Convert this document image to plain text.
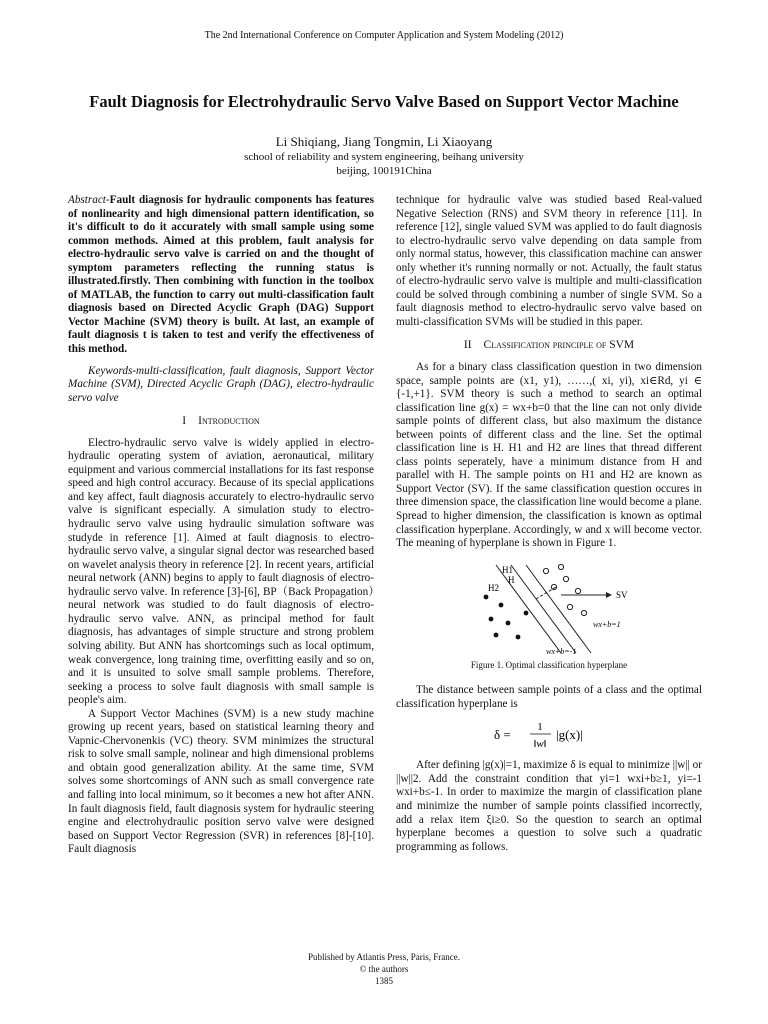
The 2nd International Conference on Computer Application and System Modeling (2012)
Fault Diagnosis for Electrohydraulic Servo Valve Based on Support Vector Machine
Li Shiqiang, Jiang Tongmin, Li Xiaoyang
school of reliability and system engineering, beihang university
beijing, 100191China

Abstract-Fault diagnosis for hydraulic components has features of nonlinearity and high dimensional pattern identification, so it's difficult to do it accurately with small sample using some common methods. Aimed at this problem, fault analysis for electro-hydraulic servo valve is carried on and the thought of symptom parameters reflecting the running status is illustrated.firstly. Then combining with function in the toolbox of MATLAB, the function to carry out multi-classification fault diagnosis based on Directed Acyclic Graph (DAG) Support Vector Machine (SVM) theory is built. At last, an example of fault diagnosis t is taken to test and verify the effectiveness of this method.

Keywords-multi-classification, fault diagnosis, Support Vector Machine (SVM), Directed Acyclic Graph (DAG), electro-hydraulic servo valve

I Introduction

Electro-hydraulic servo valve is widely applied in electro-hydraulic operating system of aviation, aeronautical, military equipment and various commercial installations for its fast response speed and high control accuracy. Because of its special applications and key affect, fault diagnosis accurately to electro-hydraulic servo valve is significant especially. A simulation study to electro-hydraulic servo valve using hydraulic simulation software was studyde in reference [1]. Aimed at fault diagnosis to electro-hydraulic servo valve, a singular signal dector was researched based on wavelet analysis theory in reference [2]. In recent years, artificial neural network (ANN) begins to apply to fault diagnosis of electro-hydraulic servo valve. In reference [3]-[6], BP（Back Propagation）neural network was studied to do fault diagnosis of electro-hydraulic servo valve. ANN, as principal method for fault diagnosis, has advantages of simple structure and strong problem solving ability. But ANN has shortcomings such as local optimum, weak convergence, long training time, overfitting easily and so on, and it is unsuited to solve small sample problems. Therefore, seeking a process to solve fault diagnosis with small sample is people's aim.

A Support Vector Machines (SVM) is a new study machine growing up recent years, based on statistical learning theory and Vapnic-Chervonenkis (VC) theory. SVM minimizes the structural risk to solve small sample, nolinear and high dimensional problems and obtain good generalization ability. At the same time, SVM solves some shortcomings of ANN such as small convergence rate and falling into local minimum, so it becomes a new hot after ANN. In fault diagnosis field, fault diagnosis system for hydraulic steering engine and electrohydraulic position servo valve were designed based on Support Vector Regression (SVR) in references [8]-[10]. Fault diagnosis

technique for hydraulic valve was studied based Real-valued Negative Selection (RNS) and SVM theory in reference [11]. In reference [12], single valued SVM was applied to do fault diagnosis to electro-hydraulic servo valve depending on data sample from only normal status, however, this classification machine can answer only whether it's running normally or not. Actually, the fault status of electro-hydraulic servo valve is multiple and multi-classification could be solved through combining a number of single SVM. So a fault diagnosis method to electro-hydraulic servo valve based on multi-classification SVMs will be studied in this paper.

II Classification principle of SVM

As for a binary class classification question in two dimension space, sample points are (x1, y1), ……,( xi, yi), xi∈Rd, yi ∈ {-1,+1}. SVM theory is such a method to search an optimal classification line g(x) = wx+b=0 that the line can not only divide sample points of different class, but also maximum the distance between points of different class and the line. Set the optimal classification line is H. H1 and H2 are lines that thread different class points seperately, have a minimum distance from H and parallel with H. The sample points on H1 and H2 are known as Support Vector (SV). If the same classification question occures in three dimension space, the classification line would become a plane. Spread to higher dimension, the classification is known as optimal classification hyperplane. Accordingly, w and x will become vector. The meaning of hyperplane is shown in Figure 1.

H1
H
H2
SV
wx+b=1
wx+b=-1

Figure 1. Optimal classification hyperplane

The distance between sample points of a class and the optimal classification hyperplane is

δ = 1
‖w‖
|g(x)|

After defining |g(x)|=1, maximize δ is equal to minimize ||w|| or ||w||2. Add the constraint condition that yi=1 wxi+b≥1, yi=-1 wxi+b≤-1. In order to maximize the margin of classification plane and minimize the number of sample points classified incorrectly, add a relax item ξi≥0. So the question to search an optimal hyperplane becomes a question to solve such a quadratic programming as follows.

Published by Atlantis Press, Paris, France.
© the authors
1385
